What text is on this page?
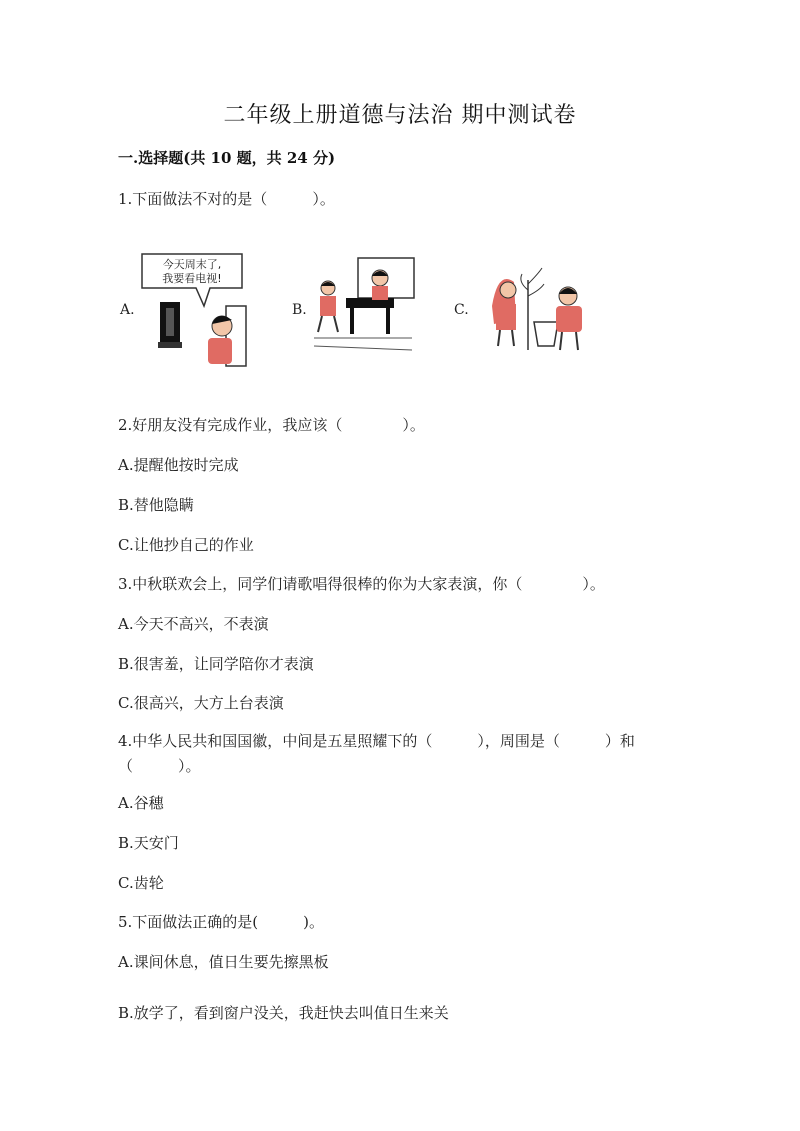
二年级上册道德与法治 期中测试卷
一.选择题(共 10 题，共 24 分)
1.下面做法不对的是（　　　）。
A.
今天周末了,
我要看电视!
B.	C.
2.好朋友没有完成作业，我应该（　　　　）。
A.提醒他按时完成
B.替他隐瞒
C.让他抄自己的作业
3.中秋联欢会上，同学们请歌唱得很棒的你为大家表演，你（　　　　）。
A.今天不高兴，不表演
B.很害羞，让同学陪你才表演
C.很高兴，大方上台表演
4.中华人民共和国国徽，中间是五星照耀下的（　　　），周围是（　　　）和（　　　）。
A.谷穗
B.天安门
C.齿轮
5.下面做法正确的是(　　　)。
A.课间休息，值日生要先擦黑板
B.放学了，看到窗户没关，我赶快去叫值日生来关
